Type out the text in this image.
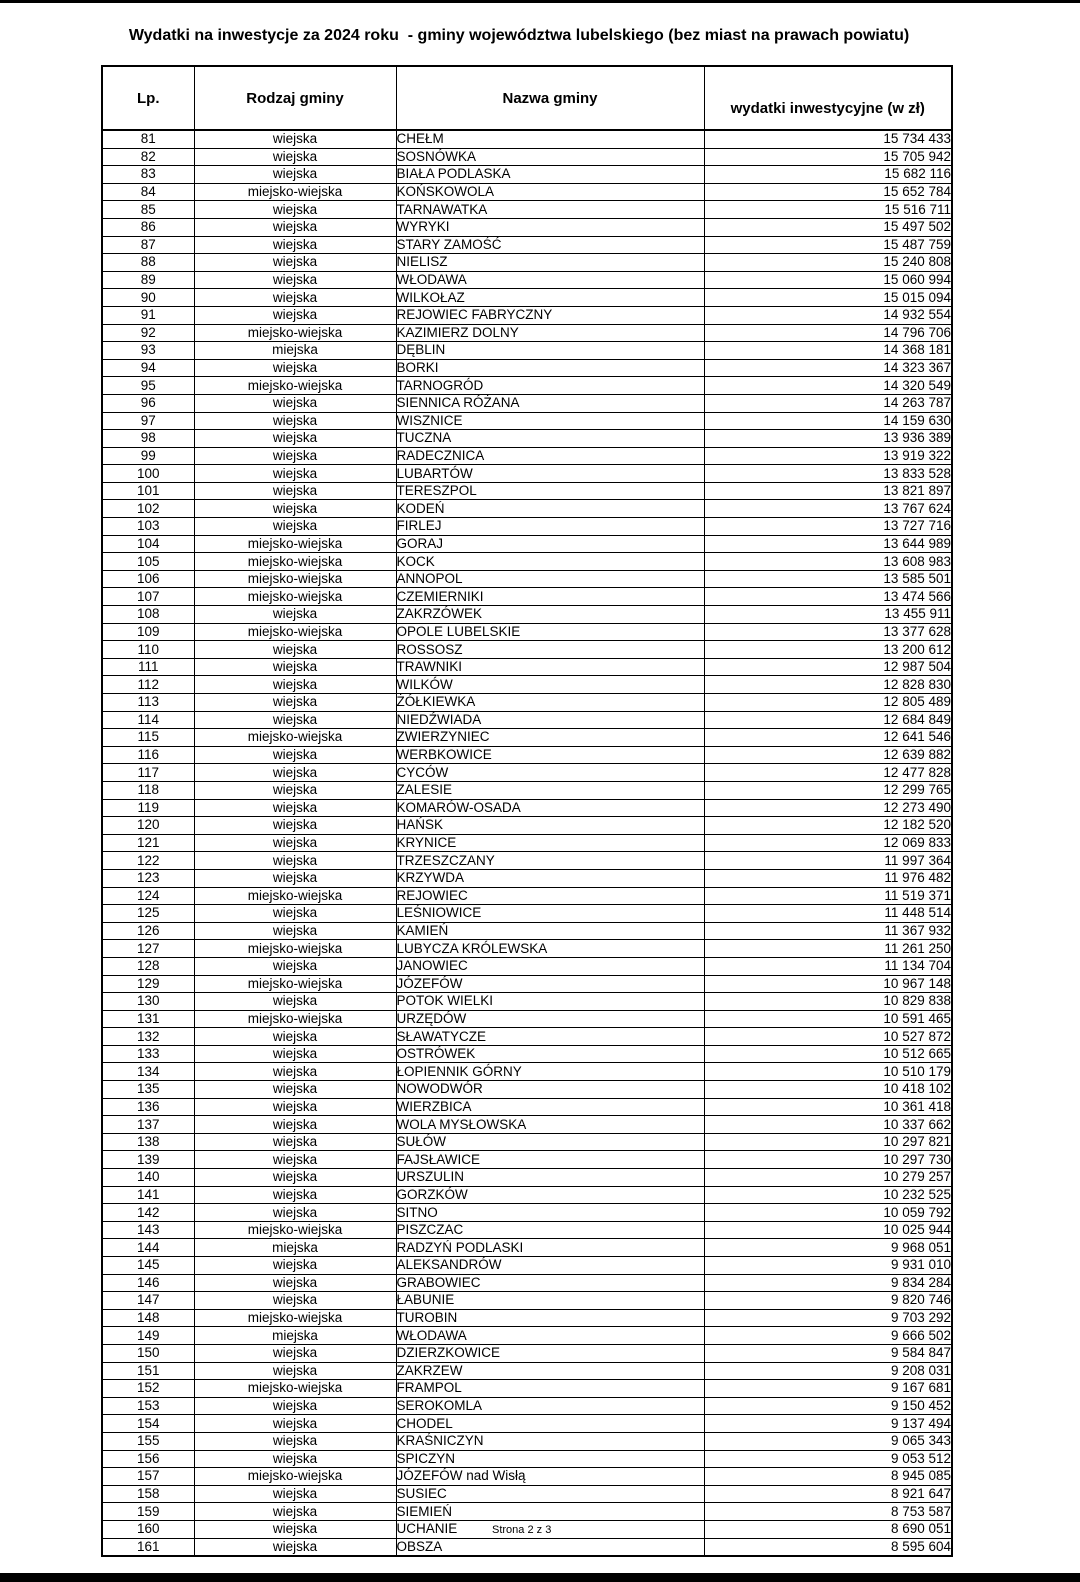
Wydatki na inwestycje za 2024 roku  - gminy województwa lubelskiego (bez miast na prawach powiatu)
Lp.	Rodzaj gminy	Nazwa gminy	wydatki inwestycyjne (w zł)
81	wiejska	CHEŁM	15 734 433
82	wiejska	SOSNÓWKA	15 705 942
83	wiejska	BIAŁA PODLASKA	15 682 116
84	miejsko-wiejska	KOŃSKOWOLA	15 652 784
85	wiejska	TARNAWATKA	15 516 711
86	wiejska	WYRYKI	15 497 502
87	wiejska	STARY ZAMOŚĆ	15 487 759
88	wiejska	NIELISZ	15 240 808
89	wiejska	WŁODAWA	15 060 994
90	wiejska	WILKOŁAZ	15 015 094
91	wiejska	REJOWIEC FABRYCZNY	14 932 554
92	miejsko-wiejska	KAZIMIERZ DOLNY	14 796 706
93	miejska	DĘBLIN	14 368 181
94	wiejska	BORKI	14 323 367
95	miejsko-wiejska	TARNOGRÓD	14 320 549
96	wiejska	SIENNICA RÓŻANA	14 263 787
97	wiejska	WISZNICE	14 159 630
98	wiejska	TUCZNA	13 936 389
99	wiejska	RADECZNICA	13 919 322
100	wiejska	LUBARTÓW	13 833 528
101	wiejska	TERESZPOL	13 821 897
102	wiejska	KODEŃ	13 767 624
103	wiejska	FIRLEJ	13 727 716
104	miejsko-wiejska	GORAJ	13 644 989
105	miejsko-wiejska	KOCK	13 608 983
106	miejsko-wiejska	ANNOPOL	13 585 501
107	miejsko-wiejska	CZEMIERNIKI	13 474 566
108	wiejska	ZAKRZÓWEK	13 455 911
109	miejsko-wiejska	OPOLE LUBELSKIE	13 377 628
110	wiejska	ROSSOSZ	13 200 612
111	wiejska	TRAWNIKI	12 987 504
112	wiejska	WILKÓW	12 828 830
113	wiejska	ŻÓŁKIEWKA	12 805 489
114	wiejska	NIEDŹWIADA	12 684 849
115	miejsko-wiejska	ZWIERZYNIEC	12 641 546
116	wiejska	WERBKOWICE	12 639 882
117	wiejska	CYCÓW	12 477 828
118	wiejska	ZALESIE	12 299 765
119	wiejska	KOMARÓW-OSADA	12 273 490
120	wiejska	HAŃSK	12 182 520
121	wiejska	KRYNICE	12 069 833
122	wiejska	TRZESZCZANY	11 997 364
123	wiejska	KRZYWDA	11 976 482
124	miejsko-wiejska	REJOWIEC	11 519 371
125	wiejska	LEŚNIOWICE	11 448 514
126	wiejska	KAMIEŃ	11 367 932
127	miejsko-wiejska	LUBYCZA KRÓLEWSKA	11 261 250
128	wiejska	JANOWIEC	11 134 704
129	miejsko-wiejska	JÓZEFÓW	10 967 148
130	wiejska	POTOK WIELKI	10 829 838
131	miejsko-wiejska	URZĘDÓW	10 591 465
132	wiejska	SŁAWATYCZE	10 527 872
133	wiejska	OSTRÓWEK	10 512 665
134	wiejska	ŁOPIENNIK GÓRNY	10 510 179
135	wiejska	NOWODWÓR	10 418 102
136	wiejska	WIERZBICA	10 361 418
137	wiejska	WOLA MYSŁOWSKA	10 337 662
138	wiejska	SUŁÓW	10 297 821
139	wiejska	FAJSŁAWICE	10 297 730
140	wiejska	URSZULIN	10 279 257
141	wiejska	GORZKÓW	10 232 525
142	wiejska	SITNO	10 059 792
143	miejsko-wiejska	PISZCZAC	10 025 944
144	miejska	RADZYŃ PODLASKI	9 968 051
145	wiejska	ALEKSANDRÓW	9 931 010
146	wiejska	GRABOWIEC	9 834 284
147	wiejska	ŁABUNIE	9 820 746
148	miejsko-wiejska	TUROBIN	9 703 292
149	miejska	WŁODAWA	9 666 502
150	wiejska	DZIERZKOWICE	9 584 847
151	wiejska	ZAKRZEW	9 208 031
152	miejsko-wiejska	FRAMPOL	9 167 681
153	wiejska	SEROKOMLA	9 150 452
154	wiejska	CHODEL	9 137 494
155	wiejska	KRAŚNICZYN	9 065 343
156	wiejska	SPICZYN	9 053 512
157	miejsko-wiejska	JÓZEFÓW nad Wisłą	8 945 085
158	wiejska	SUSIEC	8 921 647
159	wiejska	SIEMIEŃ	8 753 587
160	wiejska	UCHANIE	8 690 051
161	wiejska	OBSZA	8 595 604
Strona 2 z 3
